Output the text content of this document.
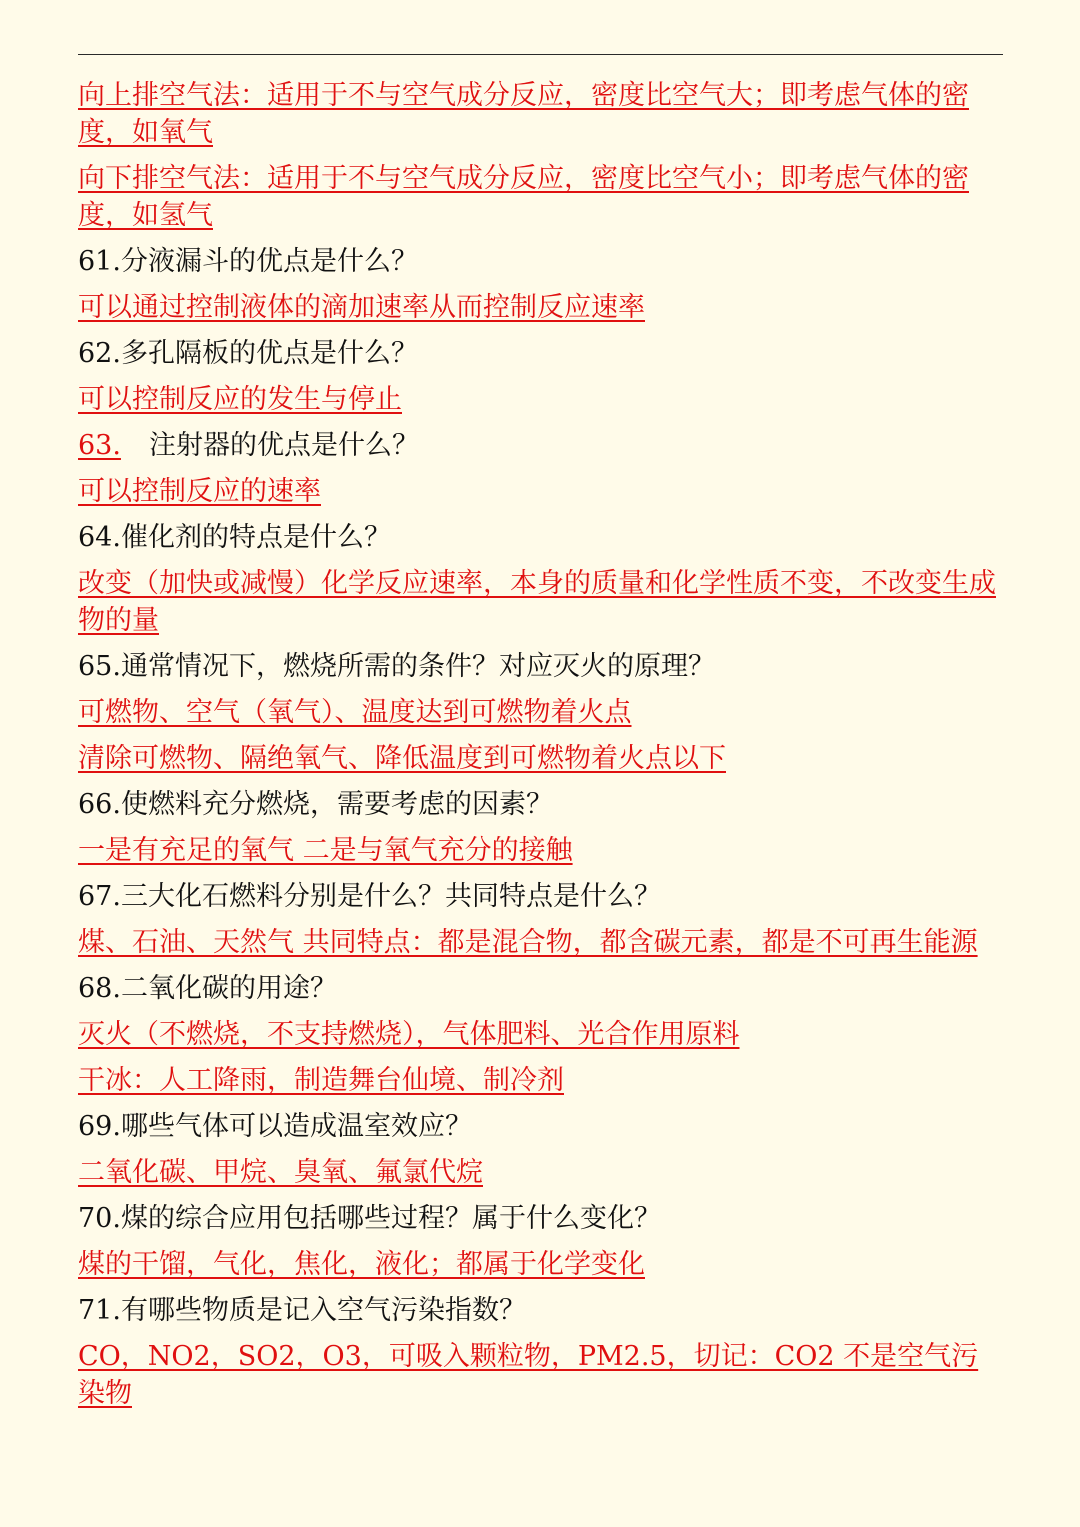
向上排空气法：适用于不与空气成分反应，密度比空气大；即考虑气体的密度，如氧气
向下排空气法：适用于不与空气成分反应，密度比空气小；即考虑气体的密度，如氢气
61.分液漏斗的优点是什么？
可以通过控制液体的滴加速率从而控制反应速率
62.多孔隔板的优点是什么？
可以控制反应的发生与停止
63. 注射器的优点是什么？
可以控制反应的速率
64.催化剂的特点是什么？
改变（加快或减慢）化学反应速率，本身的质量和化学性质不变，不改变生成物的量
65.通常情况下，燃烧所需的条件？对应灭火的原理？
可燃物、空气（氧气）、温度达到可燃物着火点
清除可燃物、隔绝氧气、降低温度到可燃物着火点以下
66.使燃料充分燃烧，需要考虑的因素？
一是有充足的氧气 二是与氧气充分的接触
67.三大化石燃料分别是什么？共同特点是什么？
煤、石油、天然气 共同特点：都是混合物，都含碳元素，都是不可再生能源
68.二氧化碳的用途？
灭火（不燃烧，不支持燃烧），气体肥料、光合作用原料
干冰：人工降雨，制造舞台仙境、制冷剂
69.哪些气体可以造成温室效应？
二氧化碳、甲烷、臭氧、氟氯代烷
70.煤的综合应用包括哪些过程？属于什么变化？
煤的干馏，气化，焦化，液化；都属于化学变化
71.有哪些物质是记入空气污染指数？
CO，NO2，SO2，O3，可吸入颗粒物，PM2.5，切记：CO2 不是空气污染物
